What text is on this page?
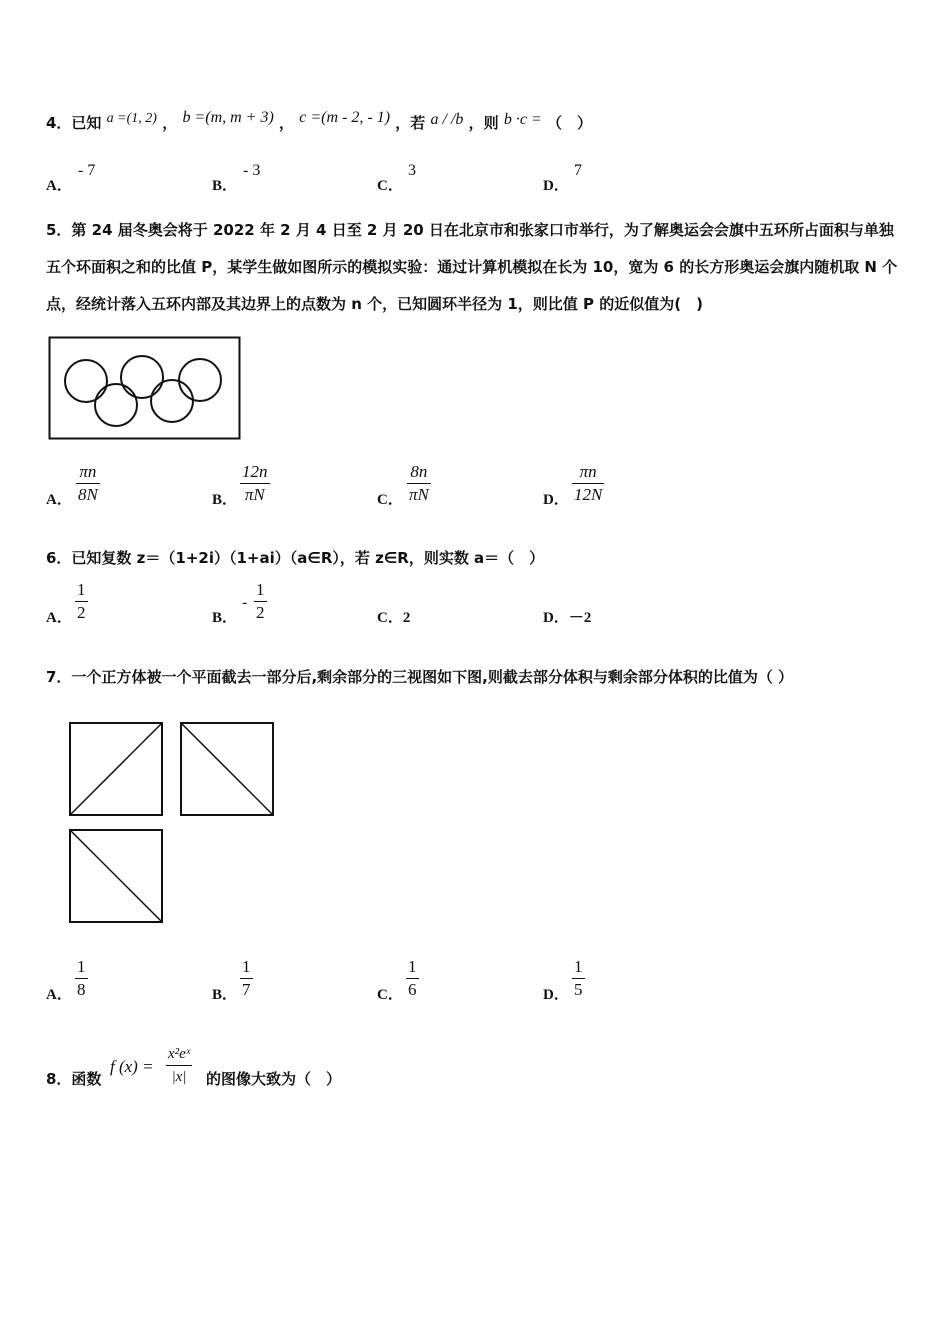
4．已知 a =(1, 2) ， b =(m, m + 3) ， c =(m - 2, - 1) ，若 a / /b ，则 b ·c = （　）
A．
- 7
B．
- 3
C．
3
D．
7
5．第 24 届冬奥会将于 2022 年 2 月 4 日至 2 月 20 日在北京市和张家口市举行，为了解奥运会会旗中五环所占面积与单独五个环面积之和的比值 P，某学生做如图所示的模拟实验：通过计算机模拟在长为 10，宽为 6 的长方形奥运会旗内随机取 N 个点，经统计落入五环内部及其边界上的点数为 n 个，已知圆环半径为 1，则比值 P 的近似值为(　)
A．
πn
8N	B．
12n
πN	C．
8n
πN	D．
πn
12N
6．已知复数 z＝（1+2i）（1+ai）（a∈R），若 z∈R，则实数 a＝（　）
A．
1
2	B．
-
1
2	C．2	D．－2
7．一个正方体被一个平面截去一部分后,剩余部分的三视图如下图,则截去部分体积与剩余部分体积的比值为（ ）
A．
1
8	B．
1
7	C．
1
6	D．
1
5
8．函数
f (x) =
x²eˣ
|x| 的图像大致为（　）
